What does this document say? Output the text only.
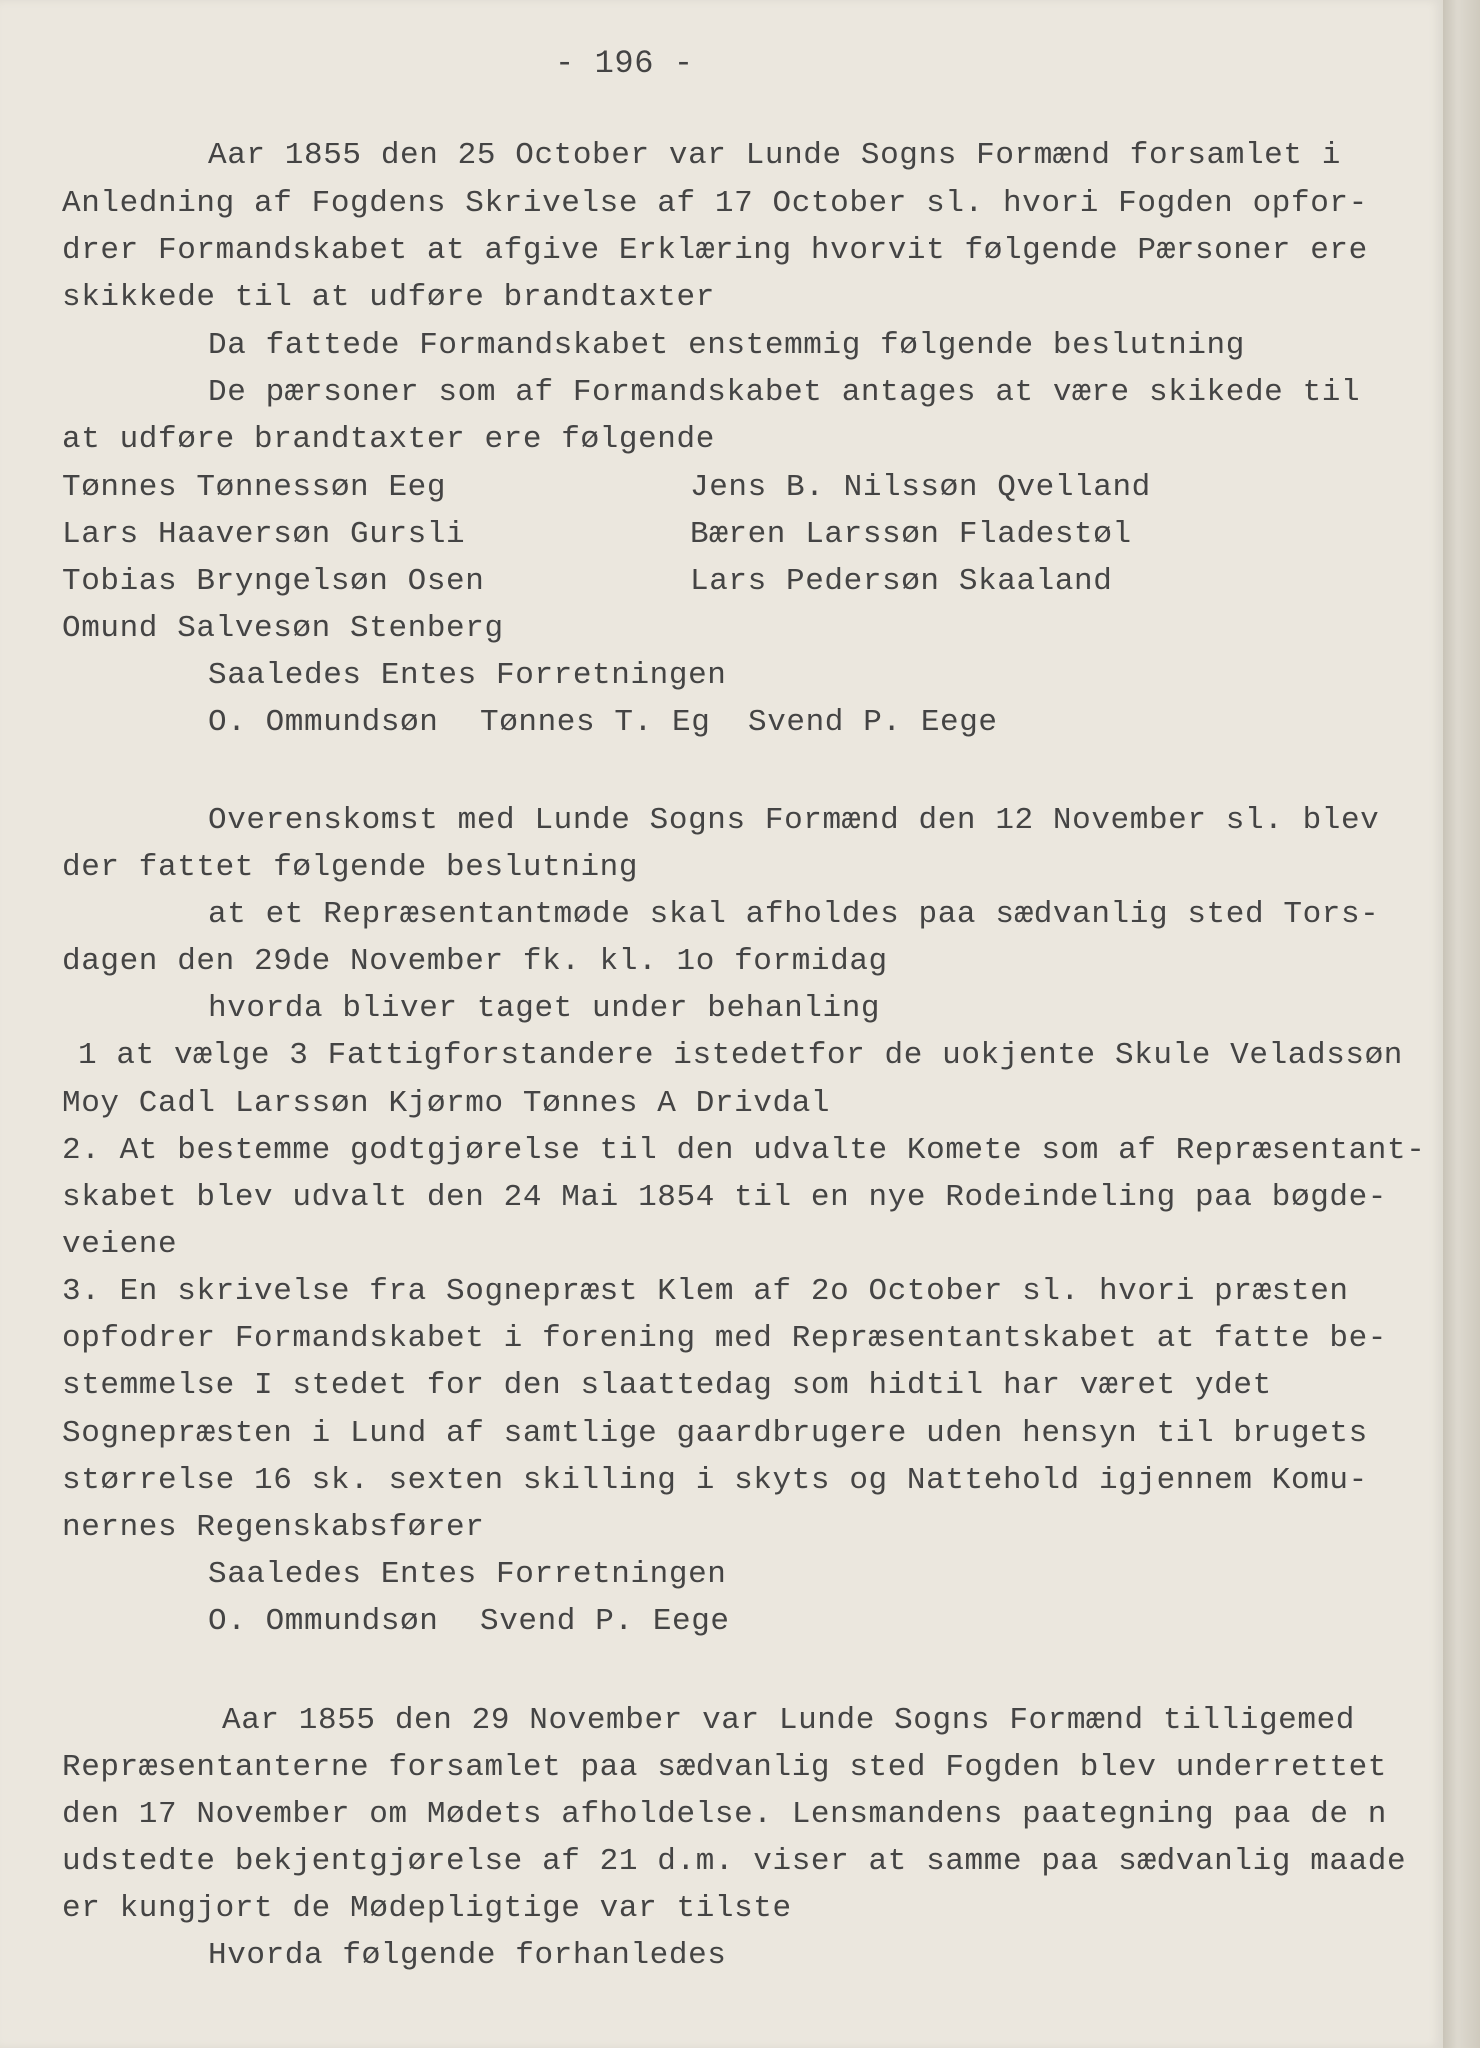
- 196 -
Aar 1855 den 25 October var Lunde Sogns Formænd forsamlet i
Anledning af Fogdens Skrivelse af 17 October sl. hvori Fogden opfor-
drer Formandskabet at afgive Erklæring hvorvit følgende Pærsoner ere
skikkede til at udføre brandtaxter
Da fattede Formandskabet enstemmig følgende beslutning
De pærsoner som af Formandskabet antages at være skikede til
at udføre brandtaxter ere følgende
Tønnes Tønnessøn Eeg
Lars Haaversøn Gursli
Tobias Bryngelsøn Osen
Omund Salvesøn Stenberg
Jens B. Nilssøn Qvelland
Bæren Larssøn Fladestøl
Lars Pedersøn Skaaland
Saaledes Entes Forretningen
O. Ommundsøn Tønnes T. Eg Svend P. Eege
Overenskomst med Lunde Sogns Formænd den 12 November sl. blev
der fattet følgende beslutning
at et Repræsentantmøde skal afholdes paa sædvanlig sted Tors-
dagen den 29de November fk. kl. 1o formidag
hvorda bliver taget under behanling
1 at vælge 3 Fattigforstandere istedetfor de uokjente Skule Veladssøn
Moy Cadl Larssøn Kjørmo Tønnes A Drivdal
2. At bestemme godtgjørelse til den udvalte Komete som af Repræsentant-
skabet blev udvalt den 24 Mai 1854 til en nye Rodeindeling paa bøgde-
veiene
3. En skrivelse fra Sognepræst Klem af 2o October sl. hvori præsten
opfodrer Formandskabet i forening med Repræsentantskabet at fatte be-
stemmelse I stedet for den slaattedag som hidtil har været ydet
Sognepræsten i Lund af samtlige gaardbrugere uden hensyn til brugets
størrelse 16 sk. sexten skilling i skyts og Nattehold igjennem Komu-
nernes Regenskabsfører
Saaledes Entes Forretningen
O. Ommundsøn Svend P. Eege
Aar 1855 den 29 November var Lunde Sogns Formænd tilligemed
Repræsentanterne forsamlet paa sædvanlig sted Fogden blev underrettet
den 17 November om Mødets afholdelse. Lensmandens paategning paa de n
udstedte bekjentgjørelse af 21 d.m. viser at samme paa sædvanlig maade
er kungjort de Mødepligtige var tilste
Hvorda følgende forhanledes
